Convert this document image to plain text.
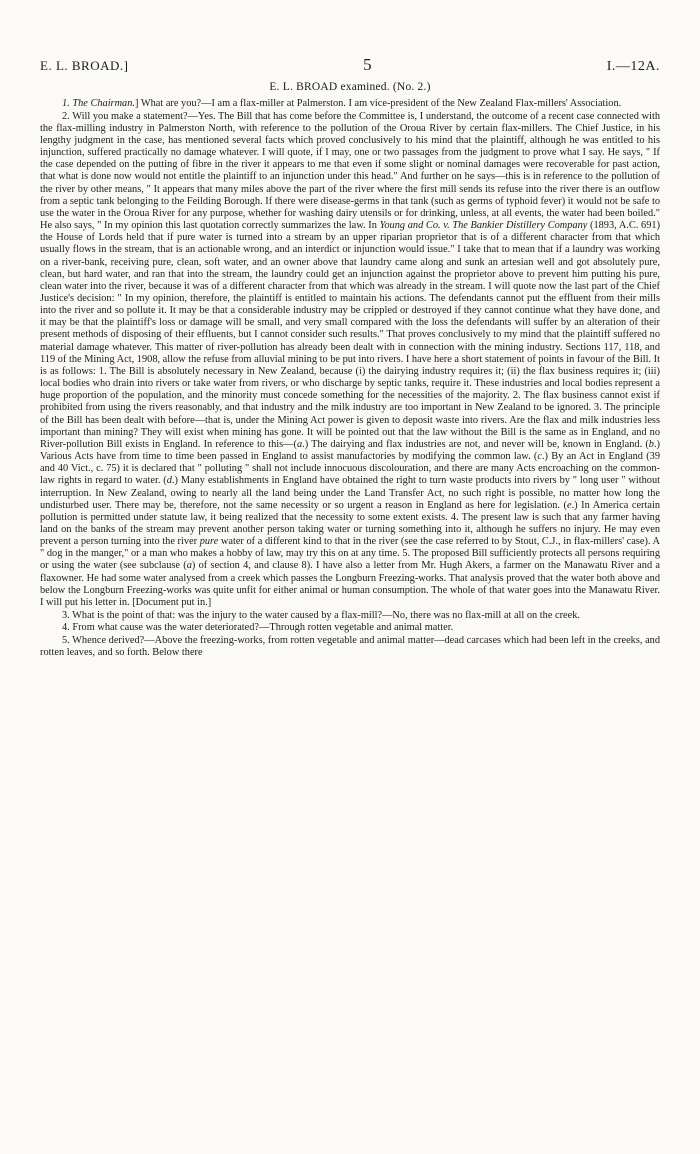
E. L. BROAD.]	5	I.—12A.
E. L. BROAD examined. (No. 2.)

1. The Chairman.] What are you?—I am a flax-miller at Palmerston. I am vice-president of the New Zealand Flax-millers' Association.

2. Will you make a statement?—Yes. The Bill that has come before the Committee is, I understand, the outcome of a recent case connected with the flax-milling industry in Palmerston North, with reference to the pollution of the Oroua River by certain flax-millers. The Chief Justice, in his lengthy judgment in the case, has mentioned several facts which proved conclusively to his mind that the plaintiff, although he was entitled to his injunction, suffered practically no damage whatever. I will quote, if I may, one or two passages from the judgment to prove what I say. He says, " If the case depended on the putting of fibre in the river it appears to me that even if some slight or nominal damages were recoverable for past action, that what is done now would not entitle the plaintiff to an injunction under this head." And further on he says—this is in reference to the pollution of the river by other means, " It appears that many miles above the part of the river where the first mill sends its refuse into the river there is an outflow from a septic tank belonging to the Feilding Borough. If there were disease-germs in that tank (such as germs of typhoid fever) it would not be safe to use the water in the Oroua River for any purpose, whether for washing dairy utensils or for drinking, unless, at all events, the water had been boiled." He also says, " In my opinion this last quotation correctly summarizes the law. In Young and Co. v. The Bankier Distillery Company (1893, A.C. 691) the House of Lords held that if pure water is turned into a stream by an upper riparian proprietor that is of a different character from that which usually flows in the stream, that is an actionable wrong, and an interdict or injunction would issue." I take that to mean that if a laundry was working on a river-bank, receiving pure, clean, soft water, and an owner above that laundry came along and sunk an artesian well and got absolutely pure, clean, but hard water, and ran that into the stream, the laundry could get an injunction against the proprietor above to prevent him putting his pure, clean water into the river, because it was of a different character from that which was already in the stream. I will quote now the last part of the Chief Justice's decision: " In my opinion, therefore, the plaintiff is entitled to maintain his actions. The defendants cannot put the effluent from their mills into the river and so pollute it. It may be that a considerable industry may be crippled or destroyed if they cannot continue what they have done, and it may be that the plaintiff's loss or damage will be small, and very small compared with the loss the defendants will suffer by an alteration of their present methods of disposing of their effluents, but I cannot consider such results." That proves conclusively to my mind that the plaintiff suffered no material damage whatever. This matter of river-pollution has already been dealt with in connection with the mining industry. Sections 117, 118, and 119 of the Mining Act, 1908, allow the refuse from alluvial mining to be put into rivers. I have here a short statement of points in favour of the Bill. It is as follows: 1. The Bill is absolutely necessary in New Zealand, because (i) the dairying industry requires it; (ii) the flax business requires it; (iii) local bodies who drain into rivers or take water from rivers, or who discharge by septic tanks, require it. These industries and local bodies represent a huge proportion of the population, and the minority must concede something for the necessities of the majority. 2. The flax business cannot exist if prohibited from using the rivers reasonably, and that industry and the milk industry are too important in New Zealand to be ignored. 3. The principle of the Bill has been dealt with before—that is, under the Mining Act power is given to deposit waste into rivers. Are the flax and milk industries less important than mining? They will exist when mining has gone. It will be pointed out that the law without the Bill is the same as in England, and no River-pollution Bill exists in England. In reference to this—(a.) The dairying and flax industries are not, and never will be, known in England. (b.) Various Acts have from time to time been passed in England to assist manufactories by modifying the common law. (c.) By an Act in England (39 and 40 Vict., c. 75) it is declared that " polluting " shall not include innocuous discolouration, and there are many Acts encroaching on the common-law rights in regard to water. (d.) Many establishments in England have obtained the right to turn waste products into rivers by " long user " without interruption. In New Zealand, owing to nearly all the land being under the Land Transfer Act, no such right is possible, no matter how long the undisturbed user. There may be, therefore, not the same necessity or so urgent a reason in England as here for legislation. (e.) In America certain pollution is permitted under statute law, it being realized that the necessity to some extent exists. 4. The present law is such that any farmer having land on the banks of the stream may prevent another person taking water or turning something into it, although he suffers no injury. He may even prevent a person turning into the river pure water of a different kind to that in the river (see the case referred to by Stout, C.J., in flax-millers' case). A " dog in the manger," or a man who makes a hobby of law, may try this on at any time. 5. The proposed Bill sufficiently protects all persons requiring or using the water (see subclause (a) of section 4, and clause 8). I have also a letter from Mr. Hugh Akers, a farmer on the Manawatu River and a flaxowner. He had some water analysed from a creek which passes the Longburn Freezing-works. That analysis proved that the water both above and below the Longburn Freezing-works was quite unfit for either animal or human consumption. The whole of that water goes into the Manawatu River. I will put his letter in. [Document put in.]

3. What is the point of that: was the injury to the water caused by a flax-mill?—No, there was no flax-mill at all on the creek.

4. From what cause was the water deteriorated?—Through rotten vegetable and animal matter.

5. Whence derived?—Above the freezing-works, from rotten vegetable and animal matter—dead carcases which had been left in the creeks, and rotten leaves, and so forth. Below there
